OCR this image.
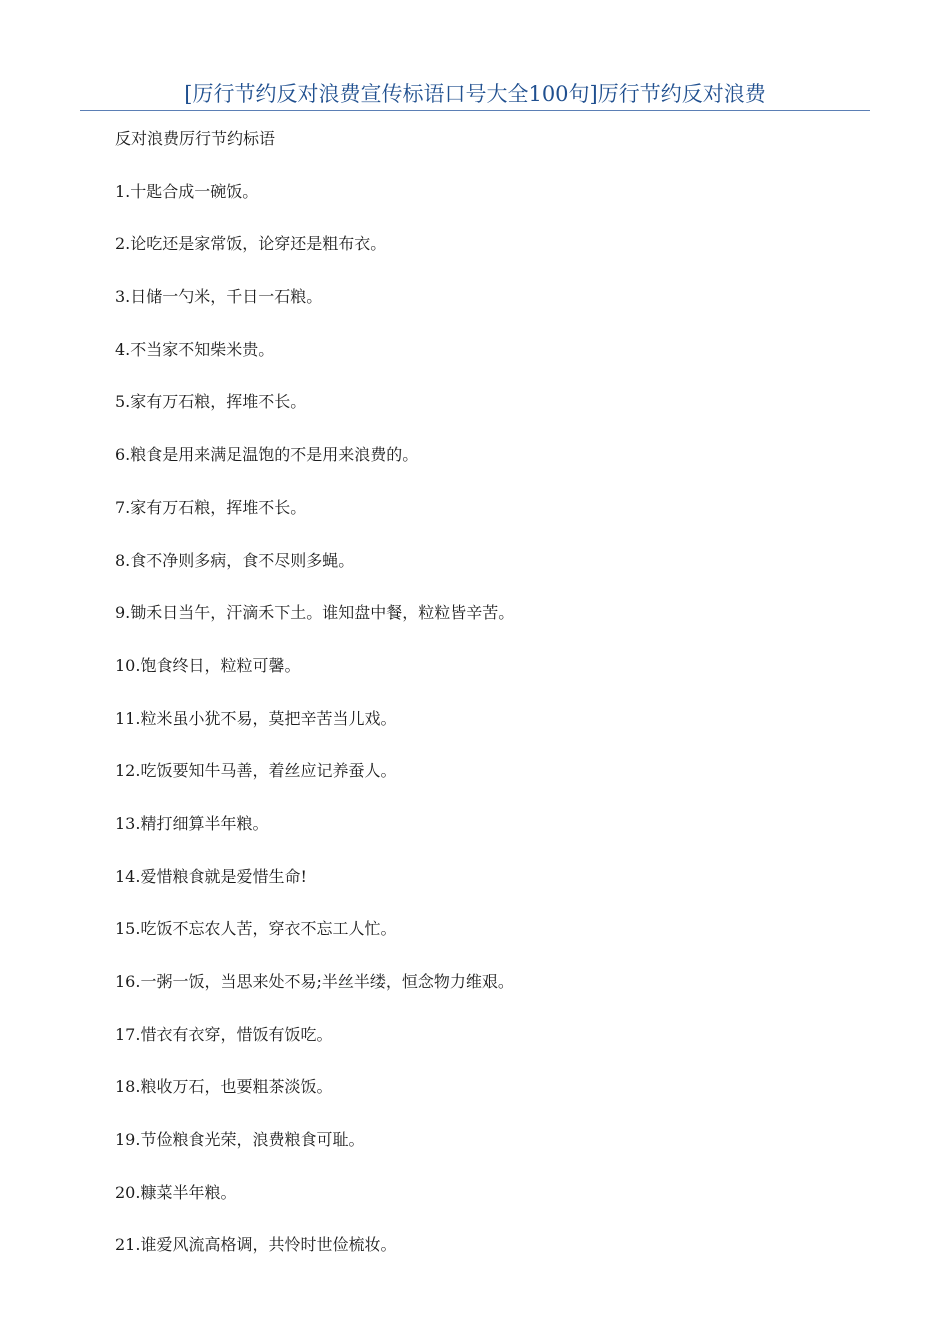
[厉行节约反对浪费宣传标语口号大全100句]厉行节约反对浪费
反对浪费厉行节约标语
1.十匙合成一碗饭。
2.论吃还是家常饭，论穿还是粗布衣。
3.日储一勺米，千日一石粮。
4.不当家不知柴米贵。
5.家有万石粮，挥堆不长。
6.粮食是用来满足温饱的不是用来浪费的。
7.家有万石粮，挥堆不长。
8.食不净则多病，食不尽则多蝇。
9.锄禾日当午，汗滴禾下土。谁知盘中餐，粒粒皆辛苦。
10.饱食终日，粒粒可馨。
11.粒米虽小犹不易，莫把辛苦当儿戏。
12.吃饭要知牛马善，着丝应记养蚕人。
13.精打细算半年粮。
14.爱惜粮食就是爱惜生命!
15.吃饭不忘农人苦，穿衣不忘工人忙。
16.一粥一饭，当思来处不易;半丝半缕，恒念物力维艰。
17.惜衣有衣穿，惜饭有饭吃。
18.粮收万石，也要粗茶淡饭。
19.节俭粮食光荣，浪费粮食可耻。
20.糠菜半年粮。
21.谁爱风流高格调，共怜时世俭梳妆。
